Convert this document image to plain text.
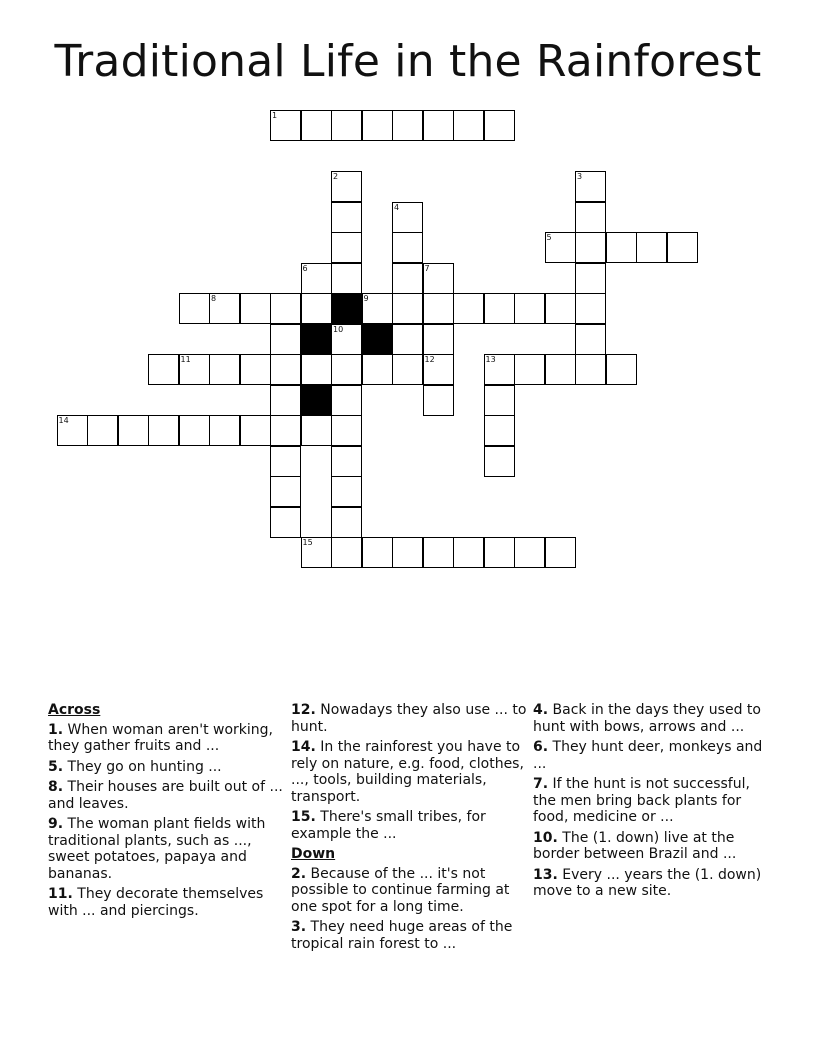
Traditional Life in the Rainforest
1
2	3
4
5
6	7
8	9
10
11	12	13
14
15
Across
1. When woman aren't working, they gather fruits and ...
5. They go on hunting ...
8. Their houses are built out of ... and leaves.
9. The woman plant fields with traditional plants, such as ..., sweet potatoes, papaya and bananas.
11. They decorate themselves with ... and piercings.
12. Nowadays they also use ... to hunt.
14. In the rainforest you have to rely on nature, e.g. food, clothes, ..., tools, building materials, transport.
15. There's small tribes, for example the ...
Down
2. Because of the ... it's not possible to continue farming at one spot for a long time.
3. They need huge areas of the tropical rain forest to ...
4. Back in the days they used to hunt with bows, arrows and ...
6. They hunt deer, monkeys and ...
7. If the hunt is not successful, the men bring back plants for food, medicine or ...
10. The (1. down) live at the border between Brazil and ...
13. Every ... years the (1. down) move to a new site.
